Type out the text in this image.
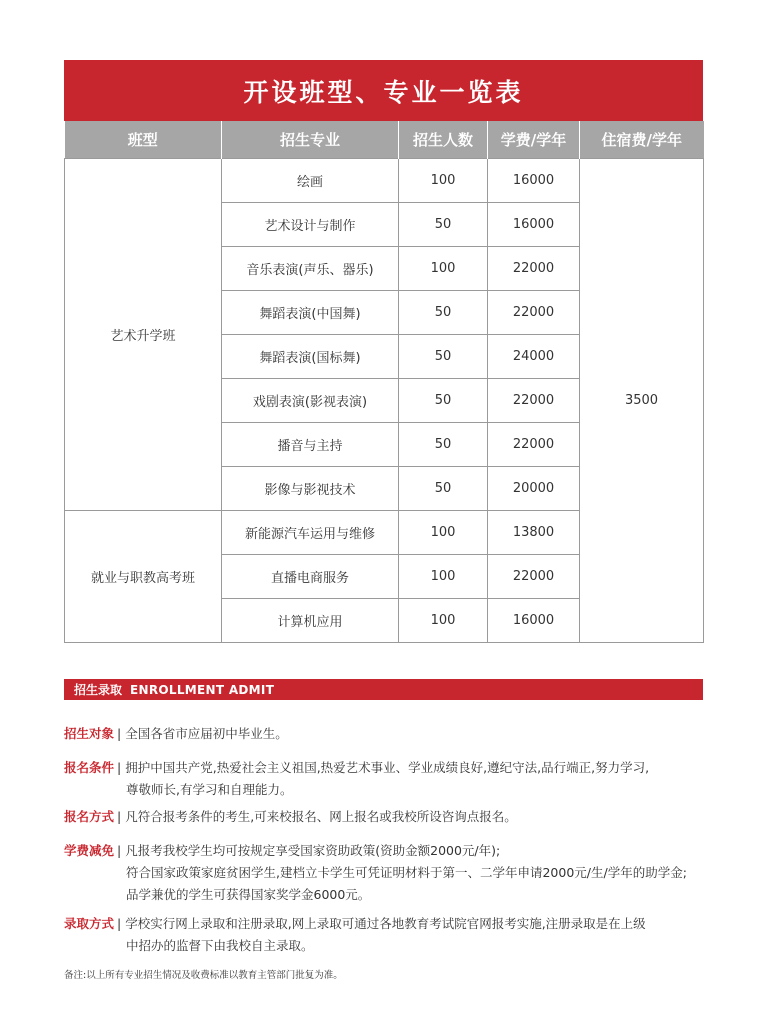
开设班型、专业一览表
班型	招生专业	招生人数	学费/学年	住宿费/学年
艺术升学班	绘画	100	16000	3500
	艺术设计与制作	50	16000	
	音乐表演(声乐、器乐)	100	22000	
	舞蹈表演(中国舞)	50	22000	
	舞蹈表演(国标舞)	50	24000	
	戏剧表演(影视表演)	50	22000	
	播音与主持	50	22000	
	影像与影视技术	50	20000	
就业与职教高考班	新能源汽车运用与维修	100	13800	
	直播电商服务	100	22000	
	计算机应用	100	16000	
招生录取 ENROLLMENT ADMIT
招生对象 | 全国各省市应届初中毕业生。
报名条件 | 拥护中国共产党,热爱社会主义祖国,热爱艺术事业、学业成绩良好,遵纪守法,品行端正,努力学习,
尊敬师长,有学习和自理能力。
报名方式 | 凡符合报考条件的考生,可来校报名、网上报名或我校所设咨询点报名。
学费减免 | 凡报考我校学生均可按规定享受国家资助政策(资助金额2000元/年);
符合国家政策家庭贫困学生,建档立卡学生可凭证明材料于第一、二学年申请2000元/生/学年的助学金;
品学兼优的学生可获得国家奖学金6000元。
录取方式 | 学校实行网上录取和注册录取,网上录取可通过各地教育考试院官网报考实施,注册录取是在上级
中招办的监督下由我校自主录取。
备注:以上所有专业招生情况及收费标准以教育主管部门批复为准。
